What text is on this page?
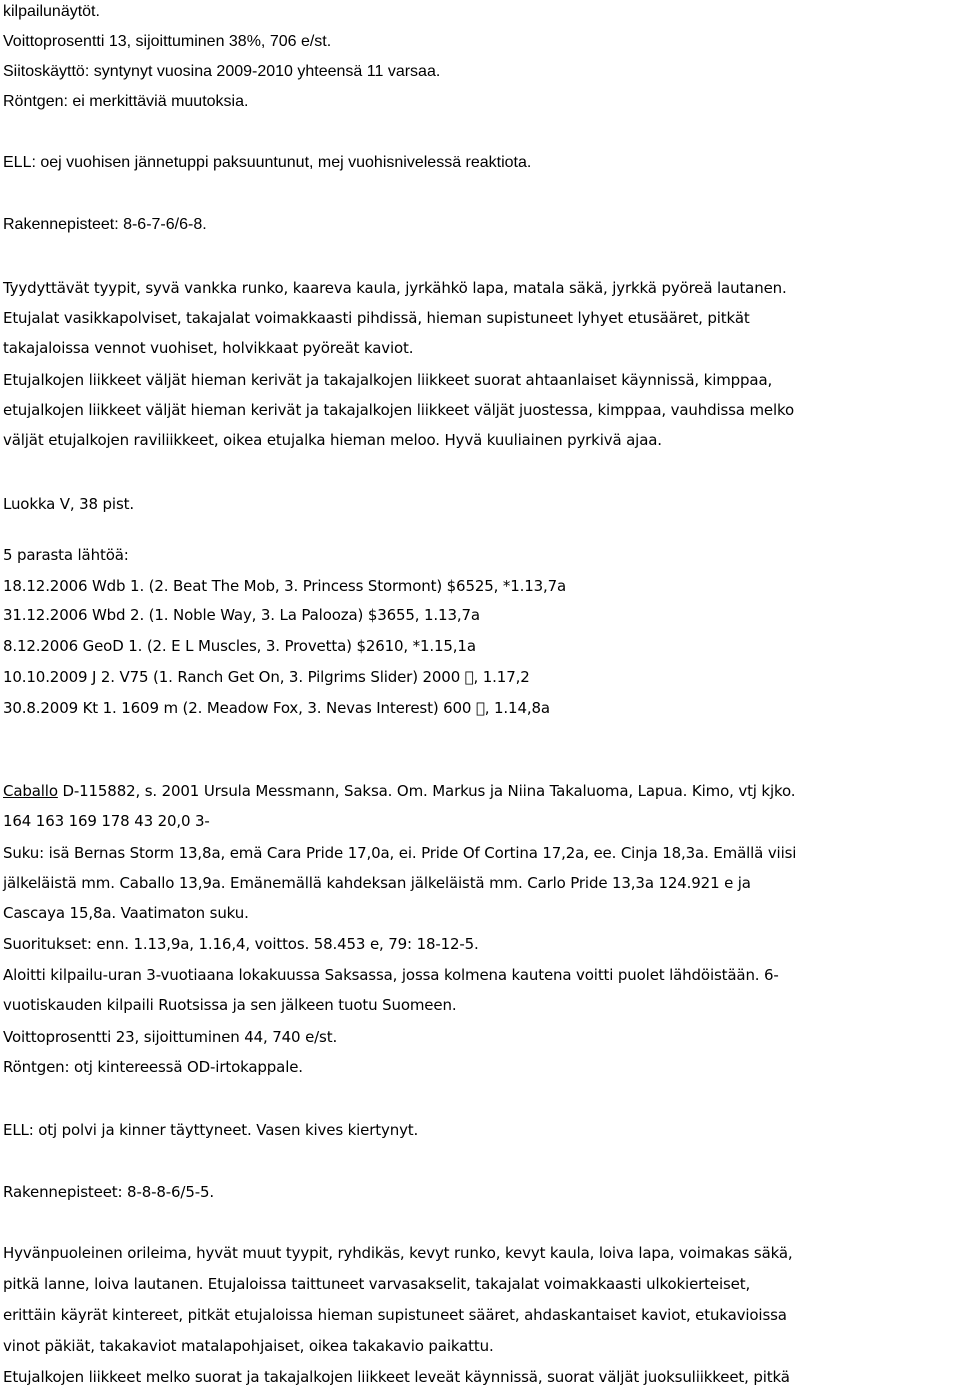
kilpailunäytöt.
Voittoprosentti 13, sijoittuminen 38%, 706 e/st.
Siitoskäyttö: syntynyt vuosina 2009-2010 yhteensä 11 varsaa.
Röntgen: ei merkittäviä muutoksia.
ELL: oej vuohisen jännetuppi paksuuntunut, mej vuohisnivelessä reaktiota.
Rakennepisteet: 8-6-7-6/6-8.
Tyydyttävät tyypit, syvä vankka runko, kaareva kaula, jyrkähkö lapa, matala säkä, jyrkkä pyöreä lautanen.
Etujalat vasikkapolviset, takajalat voimakkaasti pihdissä, hieman supistuneet lyhyet etusääret, pitkät
takajaloissa vennot vuohiset, holvikkaat pyöreät kaviot.
Etujalkojen liikkeet väljät hieman kerivät ja takajalkojen liikkeet suorat ahtaanlaiset käynnissä, kimppaa,
etujalkojen liikkeet väljät hieman kerivät ja takajalkojen liikkeet väljät juostessa, kimppaa, vauhdissa melko
väljät etujalkojen raviliikkeet, oikea etujalka hieman meloo. Hyvä kuuliainen pyrkivä ajaa.
Luokka V, 38 pist.
5 parasta lähtöä:
18.12.2006 Wdb 1. (2. Beat The Mob, 3. Princess Stormont) $6525, *1.13,7a
31.12.2006 Wbd 2. (1. Noble Way, 3. La Palooza) $3655, 1.13,7a
8.12.2006 GeoD 1. (2. E L Muscles, 3. Provetta) $2610, *1.15,1a
10.10.2009 J 2. V75 (1. Ranch Get On, 3. Pilgrims Slider) 2000 , 1.17,2
30.8.2009 Kt 1. 1609 m (2. Meadow Fox, 3. Nevas Interest) 600 , 1.14,8a
Caballo D-115882, s. 2001 Ursula Messmann, Saksa. Om. Markus ja Niina Takaluoma, Lapua. Kimo, vtj kjko.
164 163 169 178 43 20,0 3-
Suku: isä Bernas Storm 13,8a, emä Cara Pride 17,0a, ei. Pride Of Cortina 17,2a, ee. Cinja 18,3a. Emällä viisi
jälkeläistä mm. Caballo 13,9a. Emänemällä kahdeksan jälkeläistä mm. Carlo Pride 13,3a 124.921 e ja
Cascaya 15,8a. Vaatimaton suku.
Suoritukset: enn. 1.13,9a, 1.16,4, voittos. 58.453 e, 79: 18-12-5.
Aloitti kilpailu-uran 3-vuotiaana lokakuussa Saksassa, jossa kolmena kautena voitti puolet lähdöistään. 6-
vuotiskauden kilpaili Ruotsissa ja sen jälkeen tuotu Suomeen.
Voittoprosentti 23, sijoittuminen 44, 740 e/st.
Röntgen: otj kintereessä OD-irtokappale.
ELL: otj polvi ja kinner täyttyneet. Vasen kives kiertynyt.
Rakennepisteet: 8-8-8-6/5-5.
Hyvänpuoleinen orileima, hyvät muut tyypit, ryhdikäs, kevyt runko, kevyt kaula, loiva lapa, voimakas säkä,
pitkä lanne, loiva lautanen. Etujaloissa taittuneet varvasakselit, takajalat voimakkaasti ulkokierteiset,
erittäin käyrät kintereet, pitkät etujaloissa hieman supistuneet sääret, ahdaskantaiset kaviot, etukavioissa
vinot päkiät, takakaviot matalapohjaiset, oikea takakavio paikattu.
Etujalkojen liikkeet melko suorat ja takajalkojen liikkeet leveät käynnissä, suorat väljät juoksuliikkeet, pitkä
